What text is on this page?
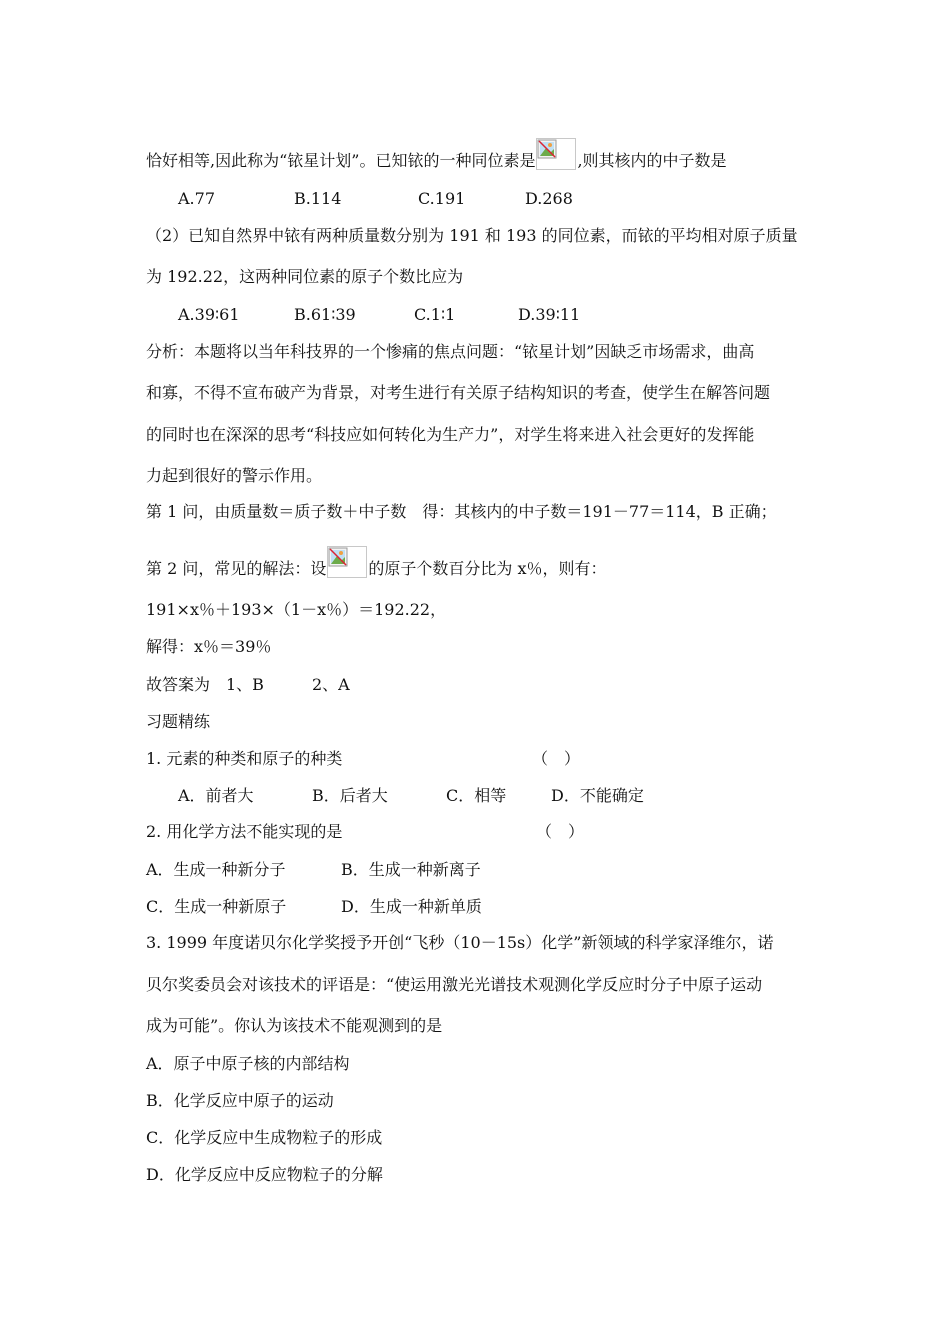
恰好相等,因此称为“铱星计划”。已知铱的一种同位素是	,则其核内的中子数是
A.77	B.114	C.191	D.268
（2）已知自然界中铱有两种质量数分别为 191 和 193 的同位素，而铱的平均相对原子质量
为 192.22，这两种同位素的原子个数比应为
A.39∶61	B.61∶39	C.1∶1	D.39∶11
分析：本题将以当年科技界的一个惨痛的焦点问题：“铱星计划”因缺乏市场需求，曲高
和寡，不得不宣布破产为背景，对考生进行有关原子结构知识的考查，使学生在解答问题
的同时也在深深的思考“科技应如何转化为生产力”，对学生将来进入社会更好的发挥能
力起到很好的警示作用。
第 1 问，由质量数＝质子数＋中子数　得：其核内的中子数＝191－77＝114，B 正确；
第 2 问，常见的解法：设	的原子个数百分比为 x％，则有：
191×x％＋193×（1－x％）＝192.22，
解得：x％＝39％
故答案为　1、B　　　2、A
习题精练
1. 元素的种类和原子的种类	（　）
A．前者大	B．后者大	C．相等	D．不能确定
2. 用化学方法不能实现的是	（　）
A．生成一种新分子	B．生成一种新离子
C．生成一种新原子	D．生成一种新单质
3. 1999 年度诺贝尔化学奖授予开创“飞秒（10－15s）化学”新领域的科学家泽维尔，诺
贝尔奖委员会对该技术的评语是：“使运用激光光谱技术观测化学反应时分子中原子运动
成为可能”。你认为该技术不能观测到的是
A．原子中原子核的内部结构
B．化学反应中原子的运动
C．化学反应中生成物粒子的形成
D．化学反应中反应物粒子的分解
